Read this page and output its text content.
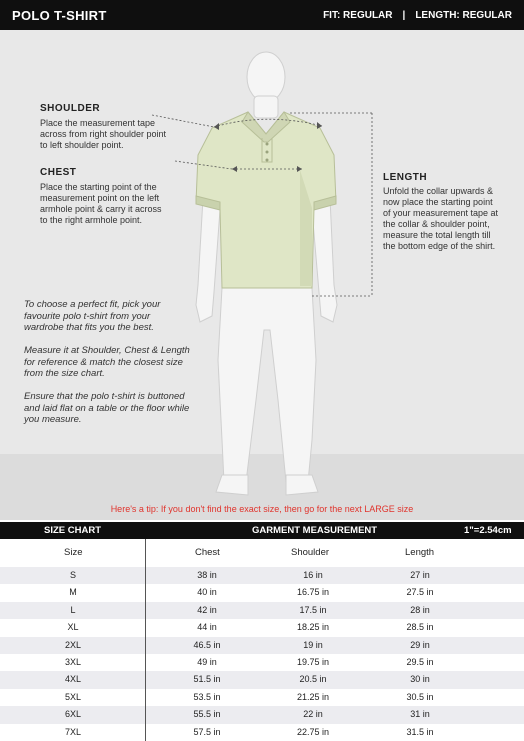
POLO T-SHIRT	FIT: REGULAR | LENGTH: REGULAR
SHOULDER
Place the measurement tape
across from right shoulder point
to left shoulder point.
CHEST
Place the starting point of the
measurement point on the left
armhole point & carry it across
to the right armhole point.
LENGTH
Unfold the collar upwards &
now place the starting point
of your measurement tape at
the collar & shoulder point,
measure the total length till
the bottom edge of the shirt.
To choose a perfect fit, pick your
favourite polo t-shirt from your
wardrobe that fits you the best.
Measure it at Shoulder, Chest & Length
for reference & match the closest size
from the size chart.
Ensure that the polo t-shirt is buttoned
and laid flat on a table or the floor while
you measure.
Here's a tip: If you don't find the exact size, then go for the next LARGE size
SIZE CHART	GARMENT MEASUREMENT	1"=2.54cm
Size	Chest	Shoulder	Length
S	38 in	16 in	27 in
M	40 in	16.75 in	27.5 in
L	42 in	17.5 in	28 in
XL	44 in	18.25 in	28.5 in
2XL	46.5 in	19 in	29 in
3XL	49 in	19.75 in	29.5 in
4XL	51.5 in	20.5 in	30 in
5XL	53.5 in	21.25 in	30.5 in
6XL	55.5 in	22 in	31 in
7XL	57.5 in	22.75 in	31.5 in
